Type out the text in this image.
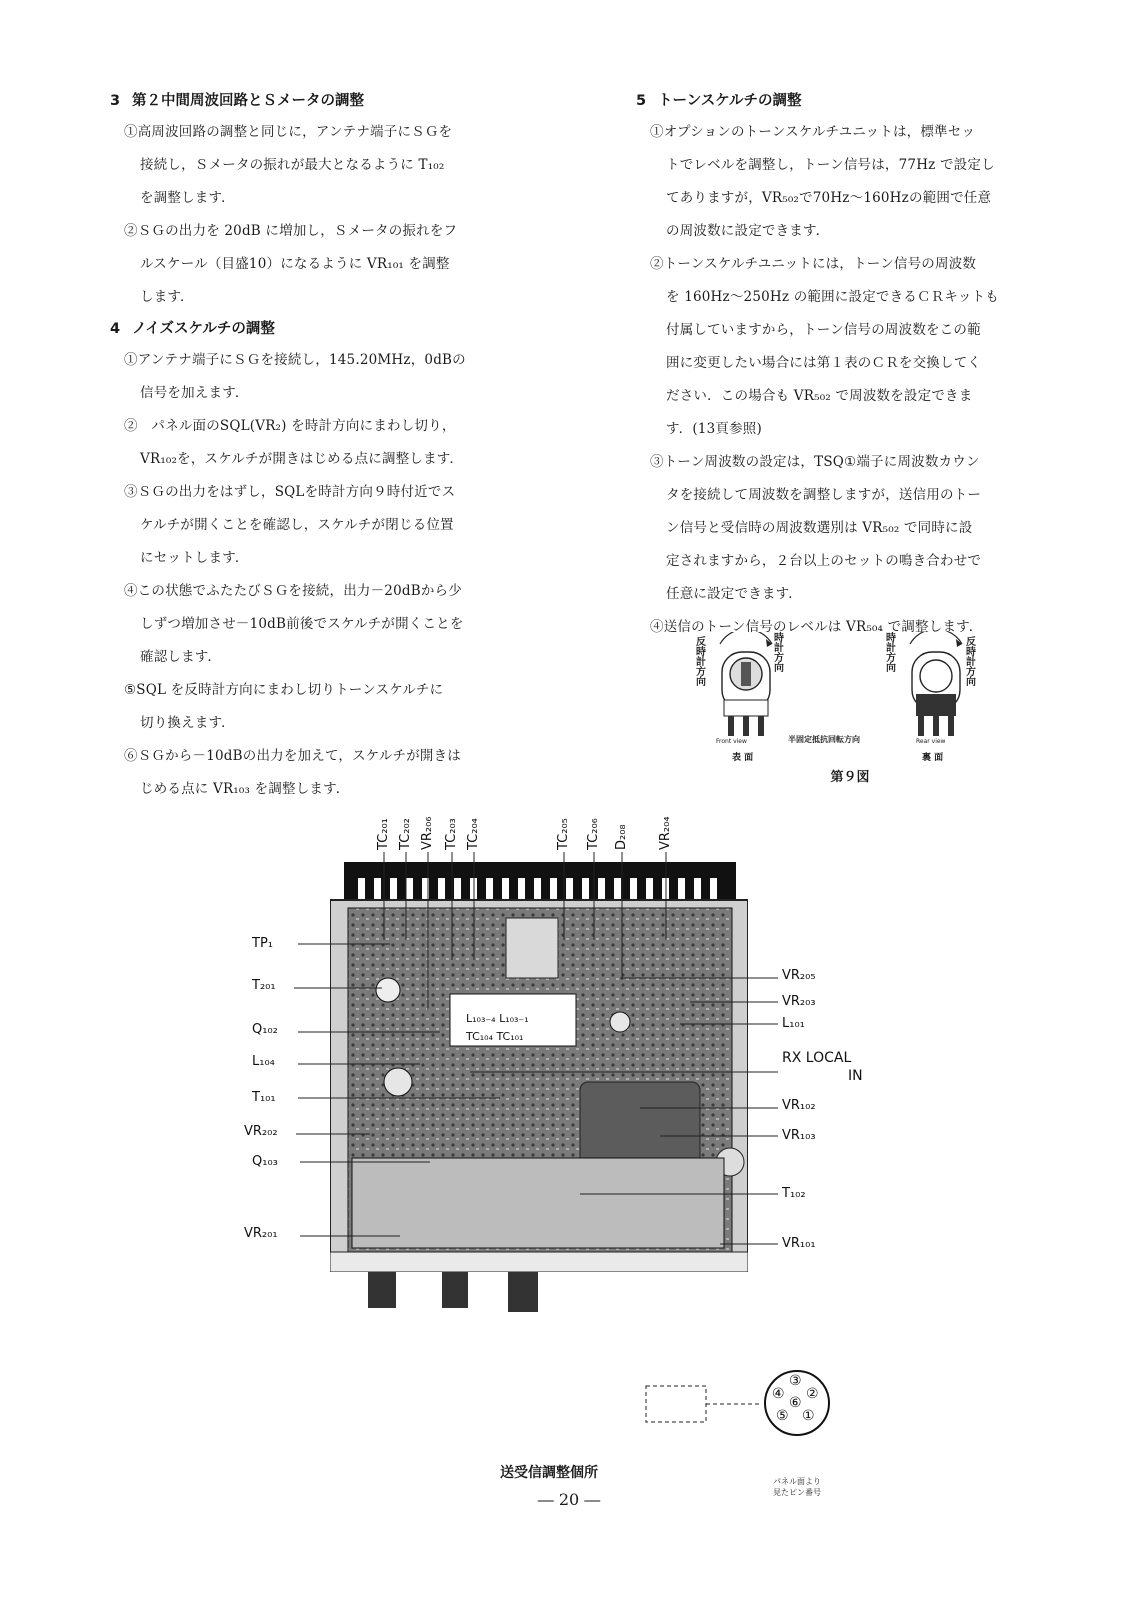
3 第２中間周波回路とＳメータの調整
①高周波回路の調整と同じに，アンテナ端子にＳＧを
接続し，Ｓメータの振れが最大となるように T₁₀₂
を調整します．
②ＳＧの出力を 20dB に増加し，Ｓメータの振れをフ
ルスケール（目盛10）になるように VR₁₀₁ を調整
します．
4 ノイズスケルチの調整
①アンテナ端子にＳＧを接続し，145.20MHz，0dBの
信号を加えます．
②　パネル面のSQL(VR₂) を時計方向にまわし切り，
VR₁₀₂を，スケルチが開きはじめる点に調整します．
③ＳＧの出力をはずし，SQLを時計方向９時付近でス
ケルチが開くことを確認し，スケルチが閉じる位置
にセットします．
④この状態でふたたびＳＧを接続，出力－20dBから少
しずつ増加させ－10dB前後でスケルチが開くことを
確認します．
⑤SQL を反時計方向にまわし切りトーンスケルチに
切り換えます．
⑥ＳＧから－10dBの出力を加えて，スケルチが開きは
じめる点に VR₁₀₃ を調整します．
5 トーンスケルチの調整
①オプションのトーンスケルチユニットは，標準セッ
トでレベルを調整し，トーン信号は，77Hz で設定し
てありますが，VR₅₀₂で70Hz～160Hzの範囲で任意
の周波数に設定できます．
②トーンスケルチユニットには，トーン信号の周波数
を 160Hz～250Hz の範囲に設定できるＣＲキットも
付属していますから，トーン信号の周波数をこの範
囲に変更したい場合には第１表のＣＲを交換してく
ださい．この場合も VR₅₀₂ で周波数を設定できま
す．(13頁参照)
③トーン周波数の設定は，TSQ①端子に周波数カウン
タを接続して周波数を調整しますが，送信用のトー
ン信号と受信時の周波数選別は VR₅₀₂ で同時に設
定されますから，２台以上のセットの鳴き合わせで
任意に設定できます．
④送信のトーン信号のレベルは VR₅₀₄ で調整します．
反時計方向
時計方向
時計方向
反時計方向
Front view	Rear view
半固定抵抗回転方向
表 面	裏 面
第９図
TC₂₀₁ TC₂₀₂ VR₂₀₆ TC₂₀₃ TC₂₀₄	TC₂₀₅ TC₂₀₆ D₂₀₈ VR₂₀₄
L₁₀₃₋₄ L₁₀₃₋₁
TC₁₀₄ TC₁₀₁
TP₁
T₂₀₁
Q₁₀₂
L₁₀₄
T₁₀₁
VR₂₀₂
Q₁₀₃
VR₂₀₁
VR₂₀₅
VR₂₀₃
L₁₀₁
RX LOCAL
IN
VR₁₀₂
VR₁₀₃
T₁₀₂
VR₁₀₁
③
④ ②
⑥
⑤ ①
パネル面より
見たピン番号
送受信調整個所
― 20 ―
